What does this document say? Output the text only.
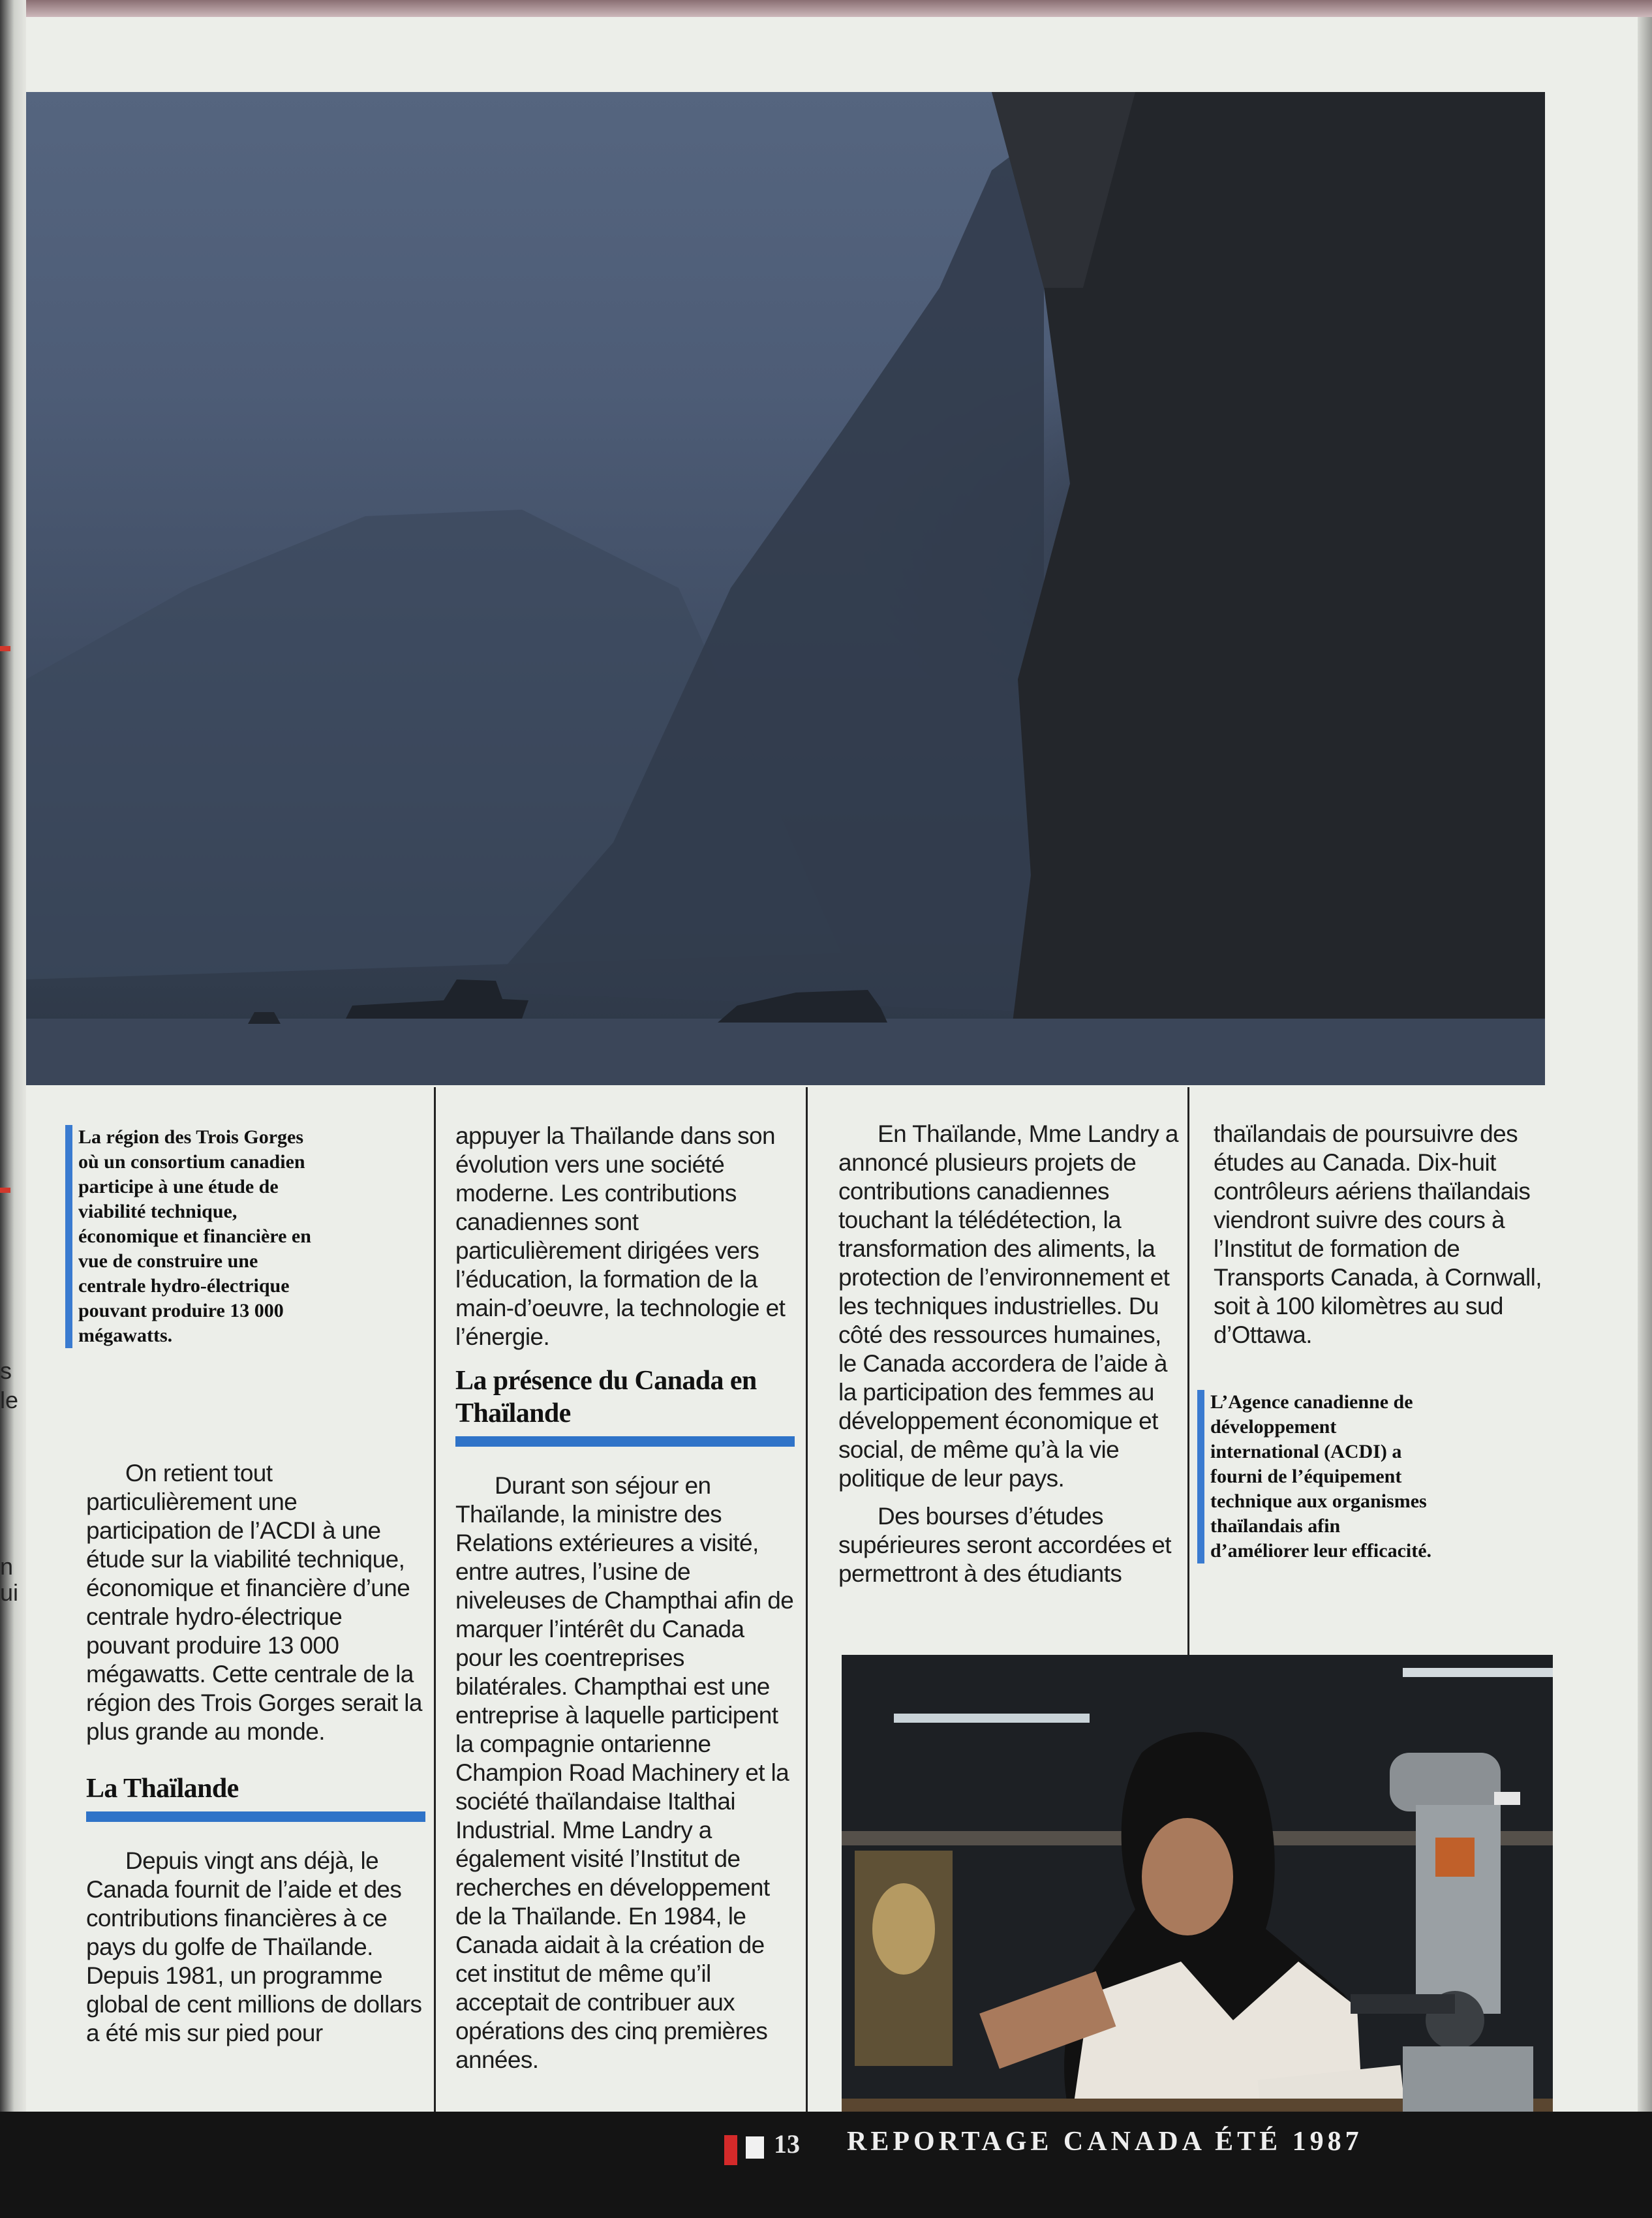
s
le
n
ui
La région des Trois Gorges où un consortium canadien participe à une étude de viabilité technique, économique et financière en vue de construire une centrale hydro-électrique pouvant produire 13 000 mégawatts.

On retient tout particulièrement une participation de l’ACDI à une étude sur la viabilité technique, économique et financière d’une centrale hydro-électrique pouvant produire 13 000 mégawatts. Cette centrale de la région des Trois Gorges serait la plus grande au monde.

La Thaïlande

Depuis vingt ans déjà, le Canada fournit de l’aide et des contributions financières à ce pays du golfe de Thaïlande. Depuis 1981, un programme global de cent millions de dollars a été mis sur pied pour

appuyer la Thaïlande dans son évolution vers une société moderne. Les contributions canadiennes sont particulièrement dirigées vers l’éducation, la formation de la main-d’oeuvre, la technologie et l’énergie.

La présence du Canada en Thaïlande

Durant son séjour en Thaïlande, la ministre des Relations extérieures a visité, entre autres, l’usine de niveleuses de Champthai afin de marquer l’intérêt du Canada pour les coentreprises bilatérales. Champthai est une entreprise à laquelle participent la compagnie ontarienne Champion Road Machinery et la société thaïlandaise Italthai Industrial. Mme Landry a également visité l’Institut de recherches en développement de la Thaïlande. En 1984, le Canada aidait à la création de cet institut de même qu’il acceptait de contribuer aux opérations des cinq premières années.

En Thaïlande, Mme Landry a annoncé plusieurs projets de contributions canadiennes touchant la télédétection, la transformation des aliments, la protection de l’environnement et les techniques industrielles. Du côté des ressources humaines, le Canada accordera de l’aide à la participation des femmes au développement économique et social, de même qu’à la vie politique de leur pays.

Des bourses d’études supérieures seront accordées et permettront à des étudiants

thaïlandais de poursuivre des études au Canada. Dix-huit contrôleurs aériens thaïlandais viendront suivre des cours à l’Institut de formation de Transports Canada, à Cornwall, soit à 100 kilomètres au sud d’Ottawa.

L’Agence canadienne de développement international (ACDI) a fourni de l’équipement technique aux organismes thaïlandais afin d’améliorer leur efficacité.
13 REPORTAGE CANADA ÉTÉ 1987
